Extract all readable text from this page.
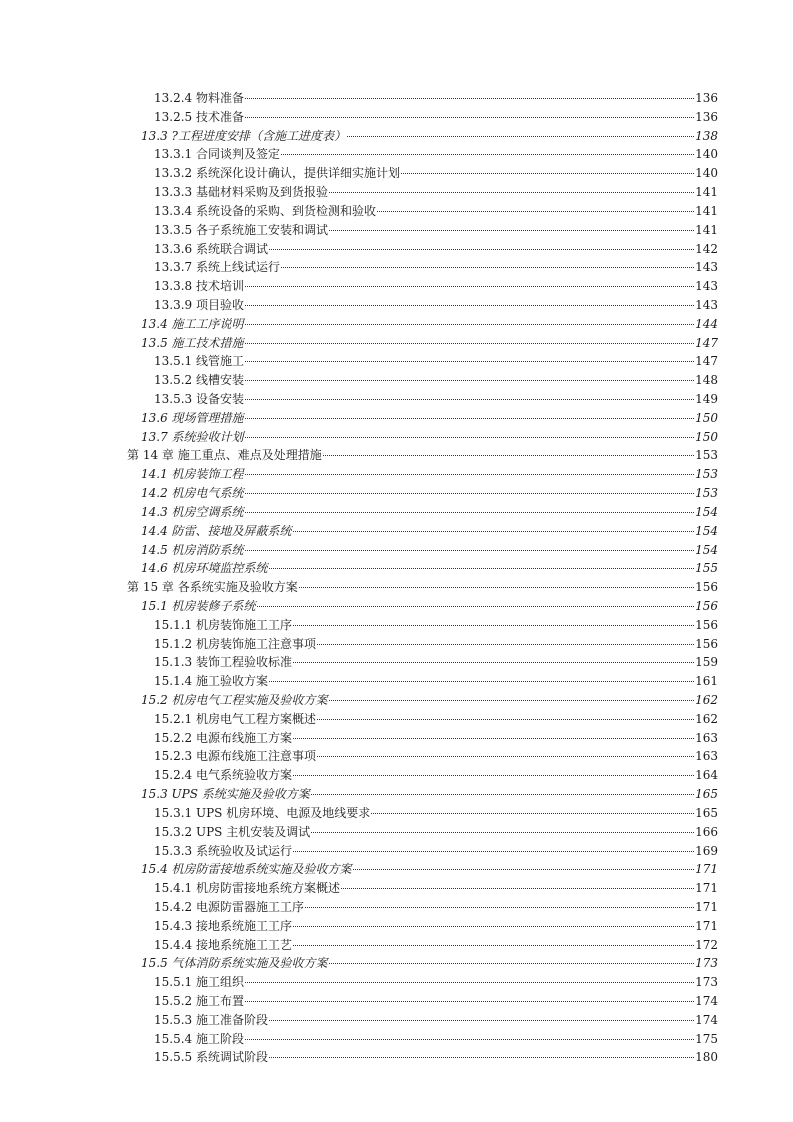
13.2.4 物料准备	136
13.2.5 技术准备	136
13.3 ?工程进度安排（含施工进度表）	138
13.3.1 合同谈判及签定	140
13.3.2 系统深化设计确认，提供详细实施计划	140
13.3.3 基础材料采购及到货报验	141
13.3.4 系统设备的采购、到货检测和验收	141
13.3.5 各子系统施工安装和调试	141
13.3.6 系统联合调试	142
13.3.7 系统上线试运行	143
13.3.8 技术培训	143
13.3.9 项目验收	143
13.4 施工工序说明	144
13.5 施工技术措施	147
13.5.1 线管施工	147
13.5.2 线槽安装	148
13.5.3 设备安装	149
13.6 现场管理措施	150
13.7 系统验收计划	150
第 14 章 施工重点、难点及处理措施	153
14.1 机房装饰工程	153
14.2 机房电气系统	153
14.3 机房空调系统	154
14.4 防雷、接地及屏蔽系统	154
14.5 机房消防系统	154
14.6 机房环境监控系统	155
第 15 章 各系统实施及验收方案	156
15.1 机房装修子系统	156
15.1.1 机房装饰施工工序	156
15.1.2 机房装饰施工注意事项	156
15.1.3 装饰工程验收标准	159
15.1.4 施工验收方案	161
15.2 机房电气工程实施及验收方案	162
15.2.1 机房电气工程方案概述	162
15.2.2 电源布线施工方案	163
15.2.3 电源布线施工注意事项	163
15.2.4 电气系统验收方案	164
15.3 UPS 系统实施及验收方案	165
15.3.1 UPS 机房环境、电源及地线要求	165
15.3.2 UPS 主机安装及调试	166
15.3.3 系统验收及试运行	169
15.4 机房防雷接地系统实施及验收方案	171
15.4.1 机房防雷接地系统方案概述	171
15.4.2 电源防雷器施工工序	171
15.4.3 接地系统施工工序	171
15.4.4 接地系统施工工艺	172
15.5 气体消防系统实施及验收方案	173
15.5.1 施工组织	173
15.5.2 施工布置	174
15.5.3 施工准备阶段	174
15.5.4 施工阶段	175
15.5.5 系统调试阶段	180
